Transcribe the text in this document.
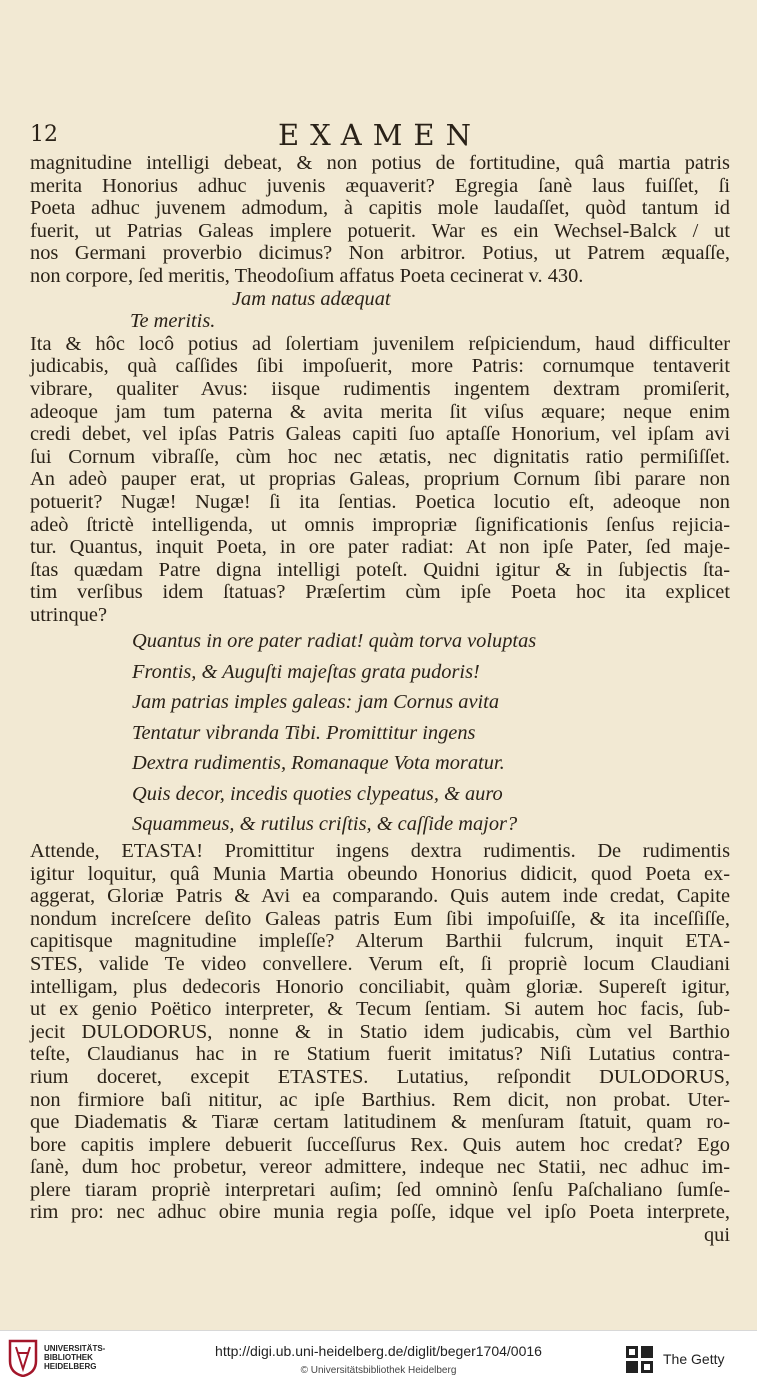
12	EXAMEN
magnitudine intelligi debeat, & non potius de fortitudine, quâ martia patris
merita Honorius adhuc juvenis æquaverit? Egregia ſanè laus fuiſſet, ſi
Poeta adhuc juvenem admodum, à capitis mole laudaſſet, quòd tantum id
fuerit, ut Patrias Galeas implere potuerit. War es ein Wechsel-Balck / ut
nos Germani proverbio dicimus? Non arbitror. Potius, ut Patrem æquaſſe,
non corpore, ſed meritis, Theodoſium affatus Poeta cecinerat v. 430.
Jam natus adæquat
Te meritis.
Ita & hôc locô potius ad ſolertiam juvenilem reſpiciendum, haud difficulter
judicabis, quà caſſides ſibi impoſuerit, more Patris: cornumque tentaverit
vibrare, qualiter Avus: iisque rudimentis ingentem dextram promiſerit,
adeoque jam tum paterna & avita merita ſit viſus æquare; neque enim
credi debet, vel ipſas Patris Galeas capiti ſuo aptaſſe Honorium, vel ipſam avi
ſui Cornum vibraſſe, cùm hoc nec ætatis, nec dignitatis ratio permiſiſſet.
An adeò pauper erat, ut proprias Galeas, proprium Cornum ſibi parare non
potuerit? Nugæ! Nugæ! ſi ita ſentias. Poetica locutio eſt, adeoque non
adeò ſtrictè intelligenda, ut omnis impropriæ ſignificationis ſenſus rejicia-
tur. Quantus, inquit Poeta, in ore pater radiat: At non ipſe Pater, ſed maje-
ſtas quædam Patre digna intelligi poteſt. Quidni igitur & in ſubjectis ſta-
tim verſibus idem ſtatuas? Præſertim cùm ipſe Poeta hoc ita explicet
utrinque?
Quantus in ore pater radiat! quàm torva voluptas
Frontis, & Auguſti majeſtas grata pudoris!
Jam patrias imples galeas: jam Cornus avita
Tentatur vibranda Tibi. Promittitur ingens
Dextra rudimentis, Romanaque Vota moratur.
Quis decor, incedis quoties clypeatus, & auro
Squammeus, & rutilus criſtis, & caſſide major?
Attende, ETASTA! Promittitur ingens dextra rudimentis. De rudimentis
igitur loquitur, quâ Munia Martia obeundo Honorius didicit, quod Poeta ex-
aggerat, Gloriæ Patris & Avi ea comparando. Quis autem inde credat, Capite
nondum increſcere deſito Galeas patris Eum ſibi impoſuiſſe, & ita inceſſiſſe,
capitisque magnitudine impleſſe? Alterum Barthii fulcrum, inquit ETA-
STES, valide Te video convellere. Verum eſt, ſi propriè locum Claudiani
intelligam, plus dedecoris Honorio conciliabit, quàm gloriæ. Supereſt igitur,
ut ex genio Poëtico interpreter, & Tecum ſentiam. Si autem hoc facis, ſub-
jecit DULODORUS, nonne & in Statio idem judicabis, cùm vel Barthio
teſte, Claudianus hac in re Statium fuerit imitatus? Niſi Lutatius contra-
rium doceret, excepit ETASTES. Lutatius, reſpondit DULODORUS,
non firmiore baſi nititur, ac ipſe Barthius. Rem dicit, non probat. Uter-
que Diadematis & Tiaræ certam latitudinem & menſuram ſtatuit, quam ro-
bore capitis implere debuerit ſucceſſurus Rex. Quis autem hoc credat? Ego
ſanè, dum hoc probetur, vereor admittere, indeque nec Statii, nec adhuc im-
plere tiaram propriè interpretari auſim; ſed omninò ſenſu Paſchaliano ſumſe-
rim pro: nec adhuc obire munia regia poſſe, idque vel ipſo Poeta interprete,
qui
UNIVERSITÄTS-
BIBLIOTHEK
HEIDELBERG
http://digi.ub.uni-heidelberg.de/diglit/beger1704/0016
© Universitätsbibliothek Heidelberg
The Getty
